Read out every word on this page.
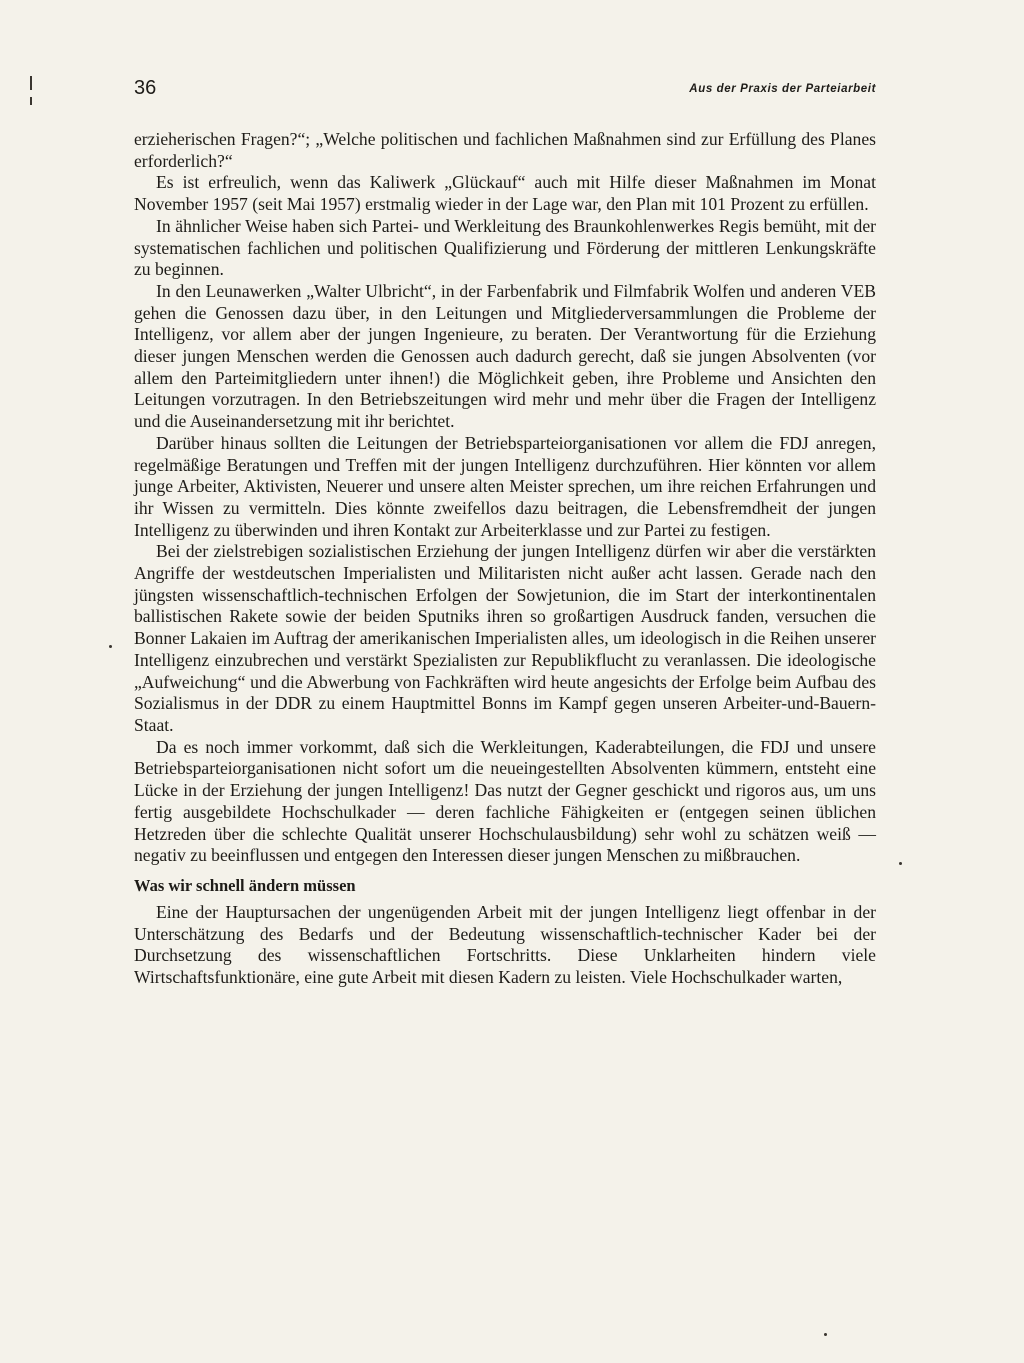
36	Aus der Praxis der Parteiarbeit

erzieherischen Fragen?“; „Welche politischen und fachlichen Maßnahmen sind zur Erfüllung des Planes erforderlich?“

Es ist erfreulich, wenn das Kaliwerk „Glückauf“ auch mit Hilfe dieser Maßnahmen im Monat November 1957 (seit Mai 1957) erstmalig wieder in der Lage war, den Plan mit 101 Prozent zu erfüllen.

In ähnlicher Weise haben sich Partei- und Werkleitung des Braunkohlenwerkes Regis bemüht, mit der systematischen fachlichen und politischen Qualifizierung und Förderung der mittleren Lenkungskräfte zu beginnen.

In den Leunawerken „Walter Ulbricht“, in der Farbenfabrik und Filmfabrik Wolfen und anderen VEB gehen die Genossen dazu über, in den Leitungen und Mitgliederversammlungen die Probleme der Intelligenz, vor allem aber der jungen Ingenieure, zu beraten. Der Verantwortung für die Erziehung dieser jungen Menschen werden die Genossen auch dadurch gerecht, daß sie jungen Absolventen (vor allem den Parteimitgliedern unter ihnen!) die Möglichkeit geben, ihre Probleme und Ansichten den Leitungen vorzutragen. In den Betriebszeitungen wird mehr und mehr über die Fragen der Intelligenz und die Auseinandersetzung mit ihr berichtet.

Darüber hinaus sollten die Leitungen der Betriebsparteiorganisationen vor allem die FDJ anregen, regelmäßige Beratungen und Treffen mit der jungen Intelligenz durchzuführen. Hier könnten vor allem junge Arbeiter, Aktivisten, Neuerer und unsere alten Meister sprechen, um ihre reichen Erfahrungen und ihr Wissen zu vermitteln. Dies könnte zweifellos dazu beitragen, die Lebensfremdheit der jungen Intelligenz zu überwinden und ihren Kontakt zur Arbeiterklasse und zur Partei zu festigen.

Bei der zielstrebigen sozialistischen Erziehung der jungen Intelligenz dürfen wir aber die verstärkten Angriffe der westdeutschen Imperialisten und Militaristen nicht außer acht lassen. Gerade nach den jüngsten wissenschaftlich-technischen Erfolgen der Sowjetunion, die im Start der interkontinentalen ballistischen Rakete sowie der beiden Sputniks ihren so großartigen Ausdruck fanden, versuchen die Bonner Lakaien im Auftrag der amerikanischen Imperialisten alles, um ideologisch in die Reihen unserer Intelligenz einzubrechen und verstärkt Spezialisten zur Republikflucht zu veranlassen. Die ideologische „Aufweichung“ und die Abwerbung von Fachkräften wird heute angesichts der Erfolge beim Aufbau des Sozialismus in der DDR zu einem Hauptmittel Bonns im Kampf gegen unseren Arbeiter-und-Bauern-Staat.

Da es noch immer vorkommt, daß sich die Werkleitungen, Kaderabteilungen, die FDJ und unsere Betriebsparteiorganisationen nicht sofort um die neueingestellten Absolventen kümmern, entsteht eine Lücke in der Erziehung der jungen Intelligenz! Das nutzt der Gegner geschickt und rigoros aus, um uns fertig ausgebildete Hochschulkader — deren fachliche Fähigkeiten er (entgegen seinen üblichen Hetzreden über die schlechte Qualität unserer Hochschulausbildung) sehr wohl zu schätzen weiß — negativ zu beeinflussen und entgegen den Interessen dieser jungen Menschen zu mißbrauchen.

Was wir schnell ändern müssen

Eine der Hauptursachen der ungenügenden Arbeit mit der jungen Intelligenz liegt offenbar in der Unterschätzung des Bedarfs und der Bedeutung wissenschaftlich-technischer Kader bei der Durchsetzung des wissenschaftlichen Fortschritts. Diese Unklarheiten hindern viele Wirtschaftsfunktionäre, eine gute Arbeit mit diesen Kadern zu leisten. Viele Hochschulkader warten,
